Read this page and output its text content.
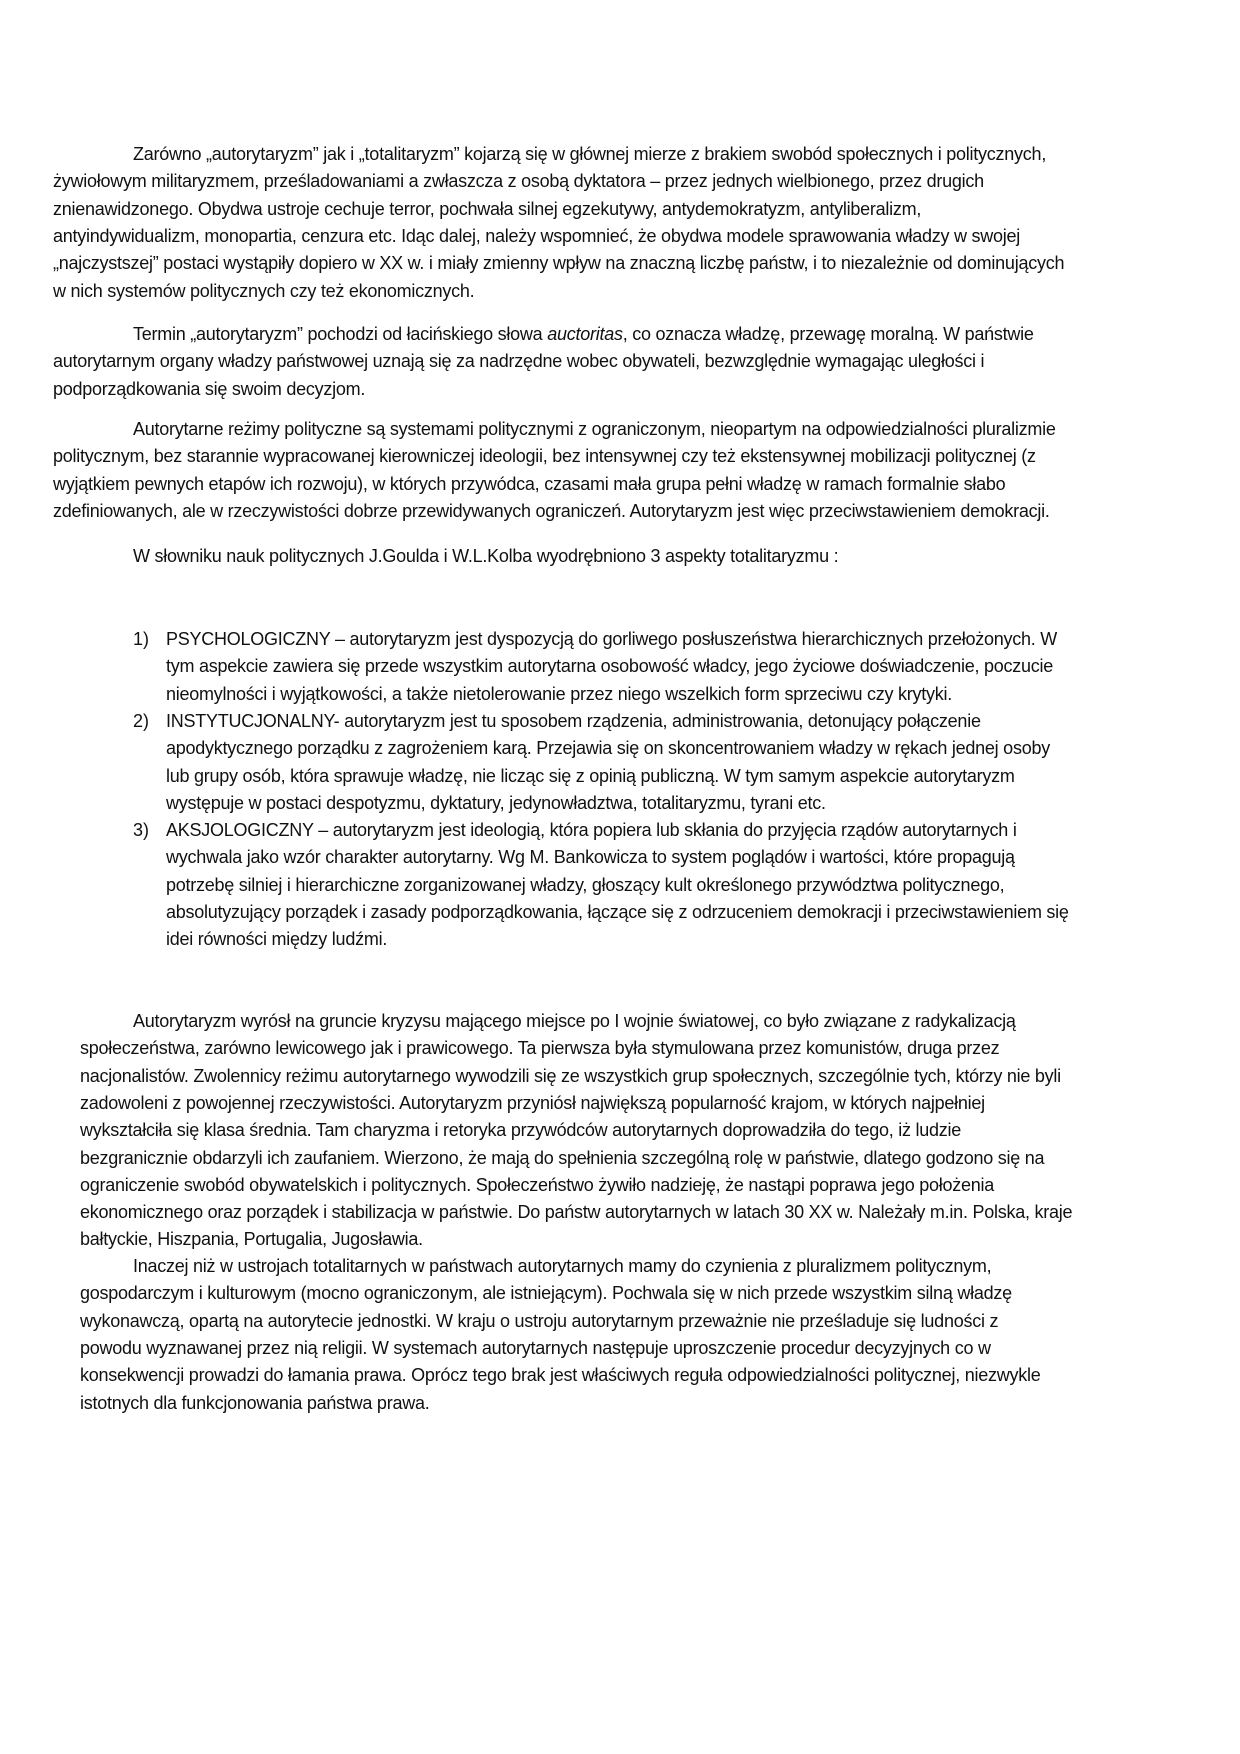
Zarówno „autorytaryzm” jak i „totalitaryzm” kojarzą się w głównej mierze z brakiem swobód społecznych i politycznych,
żywiołowym militaryzmem, prześladowaniami a zwłaszcza z osobą dyktatora – przez jednych wielbionego, przez drugich
znienawidzonego. Obydwa ustroje cechuje terror, pochwała silnej egzekutywy, antydemokratyzm, antyliberalizm,
antyindywidualizm, monopartia, cenzura etc. Idąc dalej, należy wspomnieć, że obydwa modele sprawowania władzy w swojej
„najczystszej” postaci wystąpiły dopiero w XX w. i miały zmienny wpływ na znaczną liczbę państw, i to niezależnie od dominujących
w nich systemów politycznych czy też ekonomicznych.
Termin „autorytaryzm” pochodzi od łacińskiego słowa auctoritas, co oznacza władzę, przewagę moralną. W państwie
autorytarnym organy władzy państwowej uznają się za nadrzędne wobec obywateli, bezwzględnie wymagając uległości i
podporządkowania się swoim decyzjom.
Autorytarne reżimy polityczne są systemami politycznymi z ograniczonym, nieopartym na odpowiedzialności pluralizmie
politycznym, bez starannie wypracowanej kierowniczej ideologii, bez intensywnej czy też ekstensywnej mobilizacji politycznej (z
wyjątkiem pewnych etapów ich rozwoju), w których przywódca, czasami mała grupa pełni władzę w ramach formalnie słabo
zdefiniowanych, ale w rzeczywistości dobrze przewidywanych ograniczeń. Autorytaryzm jest więc przeciwstawieniem demokracji.
W słowniku nauk politycznych J.Goulda i W.L.Kolba wyodrębniono 3 aspekty totalitaryzmu :
1) PSYCHOLOGICZNY – autorytaryzm jest dyspozycją do gorliwego posłuszeństwa hierarchicznych przełożonych. W
tym aspekcie zawiera się przede wszystkim autorytarna osobowość władcy, jego życiowe doświadczenie, poczucie
nieomylności i wyjątkowości, a także nietolerowanie przez niego wszelkich form sprzeciwu czy krytyki.
2) INSTYTUCJONALNY- autorytaryzm jest tu sposobem rządzenia, administrowania, detonujący połączenie
apodyktycznego porządku z zagrożeniem karą. Przejawia się on skoncentrowaniem władzy w rękach jednej osoby
lub grupy osób, która sprawuje władzę, nie licząc się z opinią publiczną. W tym samym aspekcie autorytaryzm
występuje w postaci despotyzmu, dyktatury, jedynowładztwa, totalitaryzmu, tyrani etc.
3) AKSJOLOGICZNY – autorytaryzm jest ideologią, która popiera lub skłania do przyjęcia rządów autorytarnych i
wychwala jako wzór charakter autorytarny. Wg M. Bankowicza to system poglądów i wartości, które propagują
potrzebę silniej i hierarchiczne zorganizowanej władzy, głoszący kult określonego przywództwa politycznego,
absolutyzujący porządek i zasady podporządkowania, łączące się z odrzuceniem demokracji i przeciwstawieniem się
idei równości między ludźmi.
Autorytaryzm wyrósł na gruncie kryzysu mającego miejsce po I wojnie światowej, co było związane z radykalizacją
społeczeństwa, zarówno lewicowego jak i prawicowego. Ta pierwsza była stymulowana przez komunistów, druga przez
nacjonalistów. Zwolennicy reżimu autorytarnego wywodzili się ze wszystkich grup społecznych, szczególnie tych, którzy nie byli
zadowoleni z powojennej rzeczywistości. Autorytaryzm przyniósł największą popularność krajom, w których najpełniej
wykształciła się klasa średnia. Tam charyzma i retoryka przywódców autorytarnych doprowadziła do tego, iż ludzie
bezgranicznie obdarzyli ich zaufaniem. Wierzono, że mają do spełnienia szczególną rolę w państwie, dlatego godzono się na
ograniczenie swobód obywatelskich i politycznych. Społeczeństwo żywiło nadzieję, że nastąpi poprawa jego położenia
ekonomicznego oraz porządek i stabilizacja w państwie. Do państw autorytarnych w latach 30 XX w. Należały m.in. Polska, kraje
bałtyckie, Hiszpania, Portugalia, Jugosławia.
Inaczej niż w ustrojach totalitarnych w państwach autorytarnych mamy do czynienia z pluralizmem politycznym,
gospodarczym i kulturowym (mocno ograniczonym, ale istniejącym). Pochwala się w nich przede wszystkim silną władzę
wykonawczą, opartą na autorytecie jednostki. W kraju o ustroju autorytarnym przeważnie nie prześladuje się ludności z
powodu wyznawanej przez nią religii. W systemach autorytarnych następuje uproszczenie procedur decyzyjnych co w
konsekwencji prowadzi do łamania prawa. Oprócz tego brak jest właściwych reguła odpowiedzialności politycznej, niezwykle
istotnych dla funkcjonowania państwa prawa.
